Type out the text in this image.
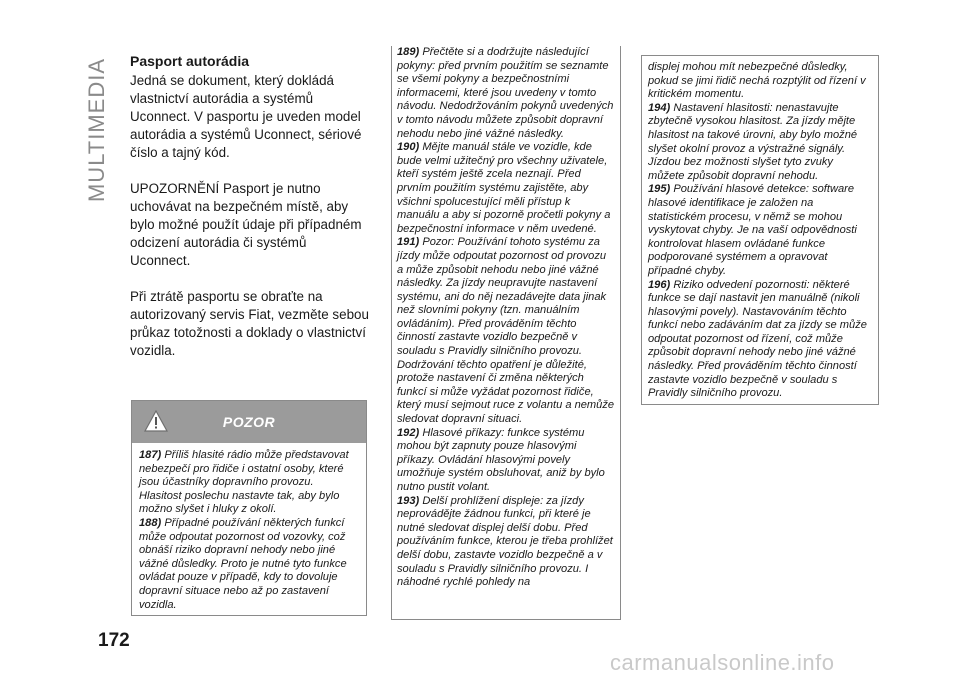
MULTIMEDIA
172
Pasport autorádia

Jedná se dokument, který dokládá vlastnictví autorádia a systémů Uconnect. V pasportu je uveden model autorádia a systémů Uconnect, sériové číslo a tajný kód.

UPOZORNĚNÍ Pasport je nutno uchovávat na bezpečném místě, aby bylo možné použít údaje při případném odcizení autorádia či systémů Uconnect.

Při ztrátě pasportu se obraťte na autorizovaný servis Fiat, vezměte sebou průkaz totožnosti a doklady o vlastnictví vozidla.

POZOR

187) Příliš hlasité rádio může představovat nebezpečí pro řidiče i ostatní osoby, které jsou účastníky dopravního provozu. Hlasitost poslechu nastavte tak, aby bylo možno slyšet i hluky z okolí.

188) Případné používání některých funkcí může odpoutat pozornost od vozovky, což obnáší riziko dopravní nehody nebo jiné vážné důsledky. Proto je nutné tyto funkce ovládat pouze v případě, kdy to dovoluje dopravní situace nebo až po zastavení vozidla.

189) Přečtěte si a dodržujte následující pokyny: před prvním použitím se seznamte se všemi pokyny a bezpečnostními informacemi, které jsou uvedeny v tomto návodu. Nedodržováním pokynů uvedených v tomto návodu můžete způsobit dopravní nehodu nebo jiné vážné následky.

190) Mějte manuál stále ve vozidle, kde bude velmi užitečný pro všechny uživatele, kteří systém ještě zcela neznají. Před prvním použitím systému zajistěte, aby všichni spolucestující měli přístup k manuálu a aby si pozorně pročetli pokyny a bezpečnostní informace v něm uvedené.

191) Pozor: Používání tohoto systému za jízdy může odpoutat pozornost od provozu a může způsobit nehodu nebo jiné vážné následky. Za jízdy neupravujte nastavení systému, ani do něj nezadávejte data jinak než slovními pokyny (tzn. manuálním ovládáním). Před prováděním těchto činností zastavte vozidlo bezpečně v souladu s Pravidly silničního provozu. Dodržování těchto opatření je důležité, protože nastavení či změna některých funkcí si může vyžádat pozornost řidiče, který musí sejmout ruce z volantu a nemůže sledovat dopravní situaci.

192) Hlasové příkazy: funkce systému mohou být zapnuty pouze hlasovými příkazy. Ovládání hlasovými povely umožňuje systém obsluhovat, aniž by bylo nutno pustit volant.

193) Delší prohlížení displeje: za jízdy neprovádějte žádnou funkci, při které je nutné sledovat displej delší dobu. Před používáním funkce, kterou je třeba prohlížet delší dobu, zastavte vozidlo bezpečně a v souladu s Pravidly silničního provozu. I náhodné rychlé pohledy na

displej mohou mít nebezpečné důsledky, pokud se jimi řidič nechá rozptýlit od řízení v kritickém momentu.

194) Nastavení hlasitosti: nenastavujte zbytečně vysokou hlasitost. Za jízdy mějte hlasitost na takové úrovni, aby bylo možné slyšet okolní provoz a výstražné signály. Jízdou bez možnosti slyšet tyto zvuky můžete způsobit dopravní nehodu.

195) Používání hlasové detekce: software hlasové identifikace je založen na statistickém procesu, v němž se mohou vyskytovat chyby. Je na vaší odpovědnosti kontrolovat hlasem ovládané funkce podporované systémem a opravovat případné chyby.

196) Riziko odvedení pozornosti: některé funkce se dají nastavit jen manuálně (nikoli hlasovými povely). Nastavováním těchto funkcí nebo zadáváním dat za jízdy se může odpoutat pozornost od řízení, což může způsobit dopravní nehody nebo jiné vážné následky. Před prováděním těchto činností zastavte vozidlo bezpečně v souladu s Pravidly silničního provozu.

carmanualsonline.info
